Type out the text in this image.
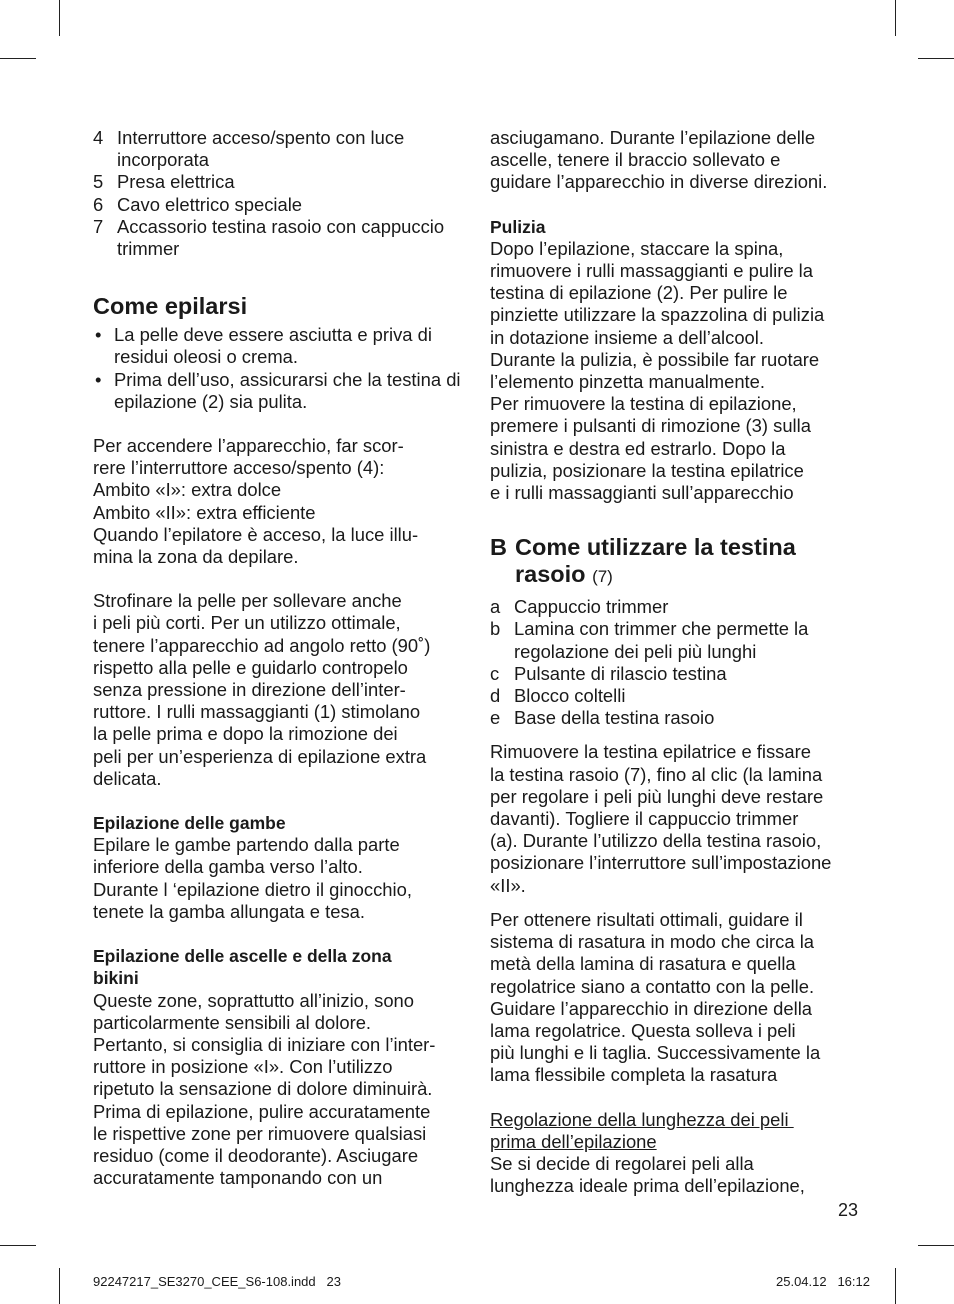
4 Interruttore acceso/spento con luce incorporata
5 Presa elettrica
6 Cavo elettrico speciale
7 Accassorio testina rasoio con cappuccio trimmer
Come epilarsi
• La pelle deve essere asciutta e priva di residui oleosi o crema.
• Prima dell’uso, assicurarsi che la testina di epilazione (2) sia pulita.

Per accendere l’apparecchio, far scor-

rere l’interruttore acceso/spento (4):

Ambito «I»: extra dolce

Ambito «II»: extra efficiente

Quando l’epilatore è acceso, la luce illu-

mina la zona da depilare.

Strofinare la pelle per sollevare anche

i peli più corti. Per un utilizzo ottimale,

tenere l’apparecchio ad angolo retto (90˚)

rispetto alla pelle e guidarlo contropelo

senza pressione in direzione dell’inter-

ruttore. I rulli massaggianti (1) stimolano

la pelle prima e dopo la rimozione dei

peli per un’esperienza di epilazione extra

delicata.

Epilazione delle gambe

Epilare le gambe partendo dalla parte

inferiore della gamba verso l’alto.

Durante l ‘epilazione dietro il ginocchio,

tenete la gamba allungata e tesa.

Epilazione delle ascelle e della zona
bikini

Queste zone, soprattutto all’inizio, sono

particolarmente sensibili al dolore.

Pertanto, si consiglia di iniziare con l’inter-

ruttore in posizione «I». Con l’utilizzo

ripetuto la sensazione di dolore diminuirà.

Prima di epilazione, pulire accuratamente

le rispettive zone per rimuovere qualsiasi

residuo (come il deodorante). Asciugare

accuratamente tamponando con un

asciugamano. Durante l’epilazione delle

ascelle, tenere il braccio sollevato e

guidare l’apparecchio in diverse direzioni.

Pulizia

Dopo l’epilazione, staccare la spina,

rimuovere i rulli massaggianti e pulire la

testina di epilazione (2). Per pulire le

pinziette utilizzare la spazzolina di pulizia

in dotazione insieme a dell’alcool.

Durante la pulizia, è possibile far ruotare

l’elemento pinzetta manualmente.

Per rimuovere la testina di epilazione,

premere i pulsanti di rimozione (3) sulla

sinistra e destra ed estrarlo. Dopo la

pulizia, posizionare la testina epilatrice

e i rulli massaggianti sull’apparecchio

B Come utilizzare la testina
rasoio (7)
a Cappuccio trimmer
b Lamina con trimmer che permette la regolazione dei peli più lunghi
c Pulsante di rilascio testina
d Blocco coltelli
e Base della testina rasoio

Rimuovere la testina epilatrice e fissare

la testina rasoio (7), fino al clic (la lamina

per regolare i peli più lunghi deve restare

davanti). Togliere il cappuccio trimmer

(a). Durante l’utilizzo della testina rasoio,

posizionare l’interruttore sull’impostazione

«II».

Per ottenere risultati ottimali, guidare il

sistema di rasatura in modo che circa la

metà della lamina di rasatura e quella

regolatrice siano a contatto con la pelle.

Guidare l’apparecchio in direzione della

lama regolatrice. Questa solleva i peli

più lunghi e li taglia. Successivamente la

lama flessibile completa la rasatura

Regolazione della lunghezza dei peli

prima dell’epilazione

Se si decide di regolarei peli alla

lunghezza ideale prima dell’epilazione,

23
92247217_SE3270_CEE_S6-108.indd   23	25.04.12   16:12
